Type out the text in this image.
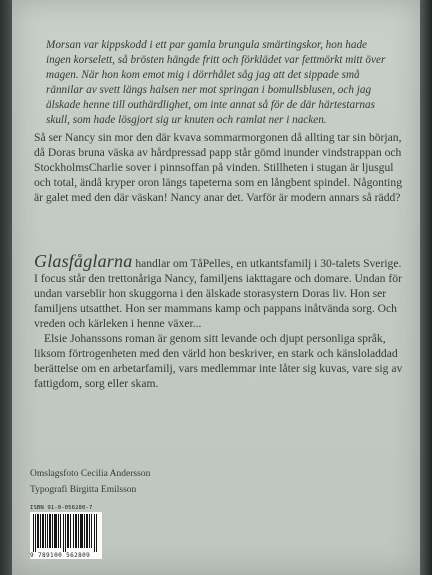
Morsan var kippskodd i ett par gamla brungula smärtingskor, hon hade ingen korselett, så brösten hängde fritt och förklädet var fettmörkt mitt över magen. När hon kom emot mig i dörrhålet såg jag att det sippade små rännilar av svett längs halsen ner mot springan i bomullsblusen, och jag älskade henne till outhärdlighet, om inte annat så för de där härtestarnas skull, som hade lösgjort sig ur knuten och ramlat ner i nacken.
Så ser Nancy sin mor den där kvava sommarmorgonen då allting tar sin början, då Doras bruna väska av hårdpressad papp står gömd inunder vindstrappan och StockholmsCharlie sover i pinnsoffan på vinden. Stillheten i stugan är ljusgul och total, ändå kryper oron längs tapeterna som en långbent spindel. Någonting är galet med den där väskan! Nancy anar det. Varför är modern annars så rädd?
Glasfåglarna handlar om TåPelles, en utkantsfamilj i 30-talets Sverige. I focus står den trettonåriga Nancy, familjens iakttagare och domare. Undan för undan varseblir hon skuggorna i den älskade storasystern Doras liv. Hon ser familjens utsatthet. Hon ser mammans kamp och pappans inåtvända sorg. Och vreden och kärleken i henne växer...
Elsie Johanssons roman är genom sitt levande och djupt personliga språk, liksom förtrogenheten med den värld hon beskriver, en stark och känsloladdad berättelse om en arbetarfamilj, vars medlemmar inte låter sig kuvas, vare sig av fattigdom, sorg eller skam.
Omslagsfoto Cecilia Andersson
Typografi Birgitta Emilsson
ISBN 91-0-056280-7
9 789100 562809
